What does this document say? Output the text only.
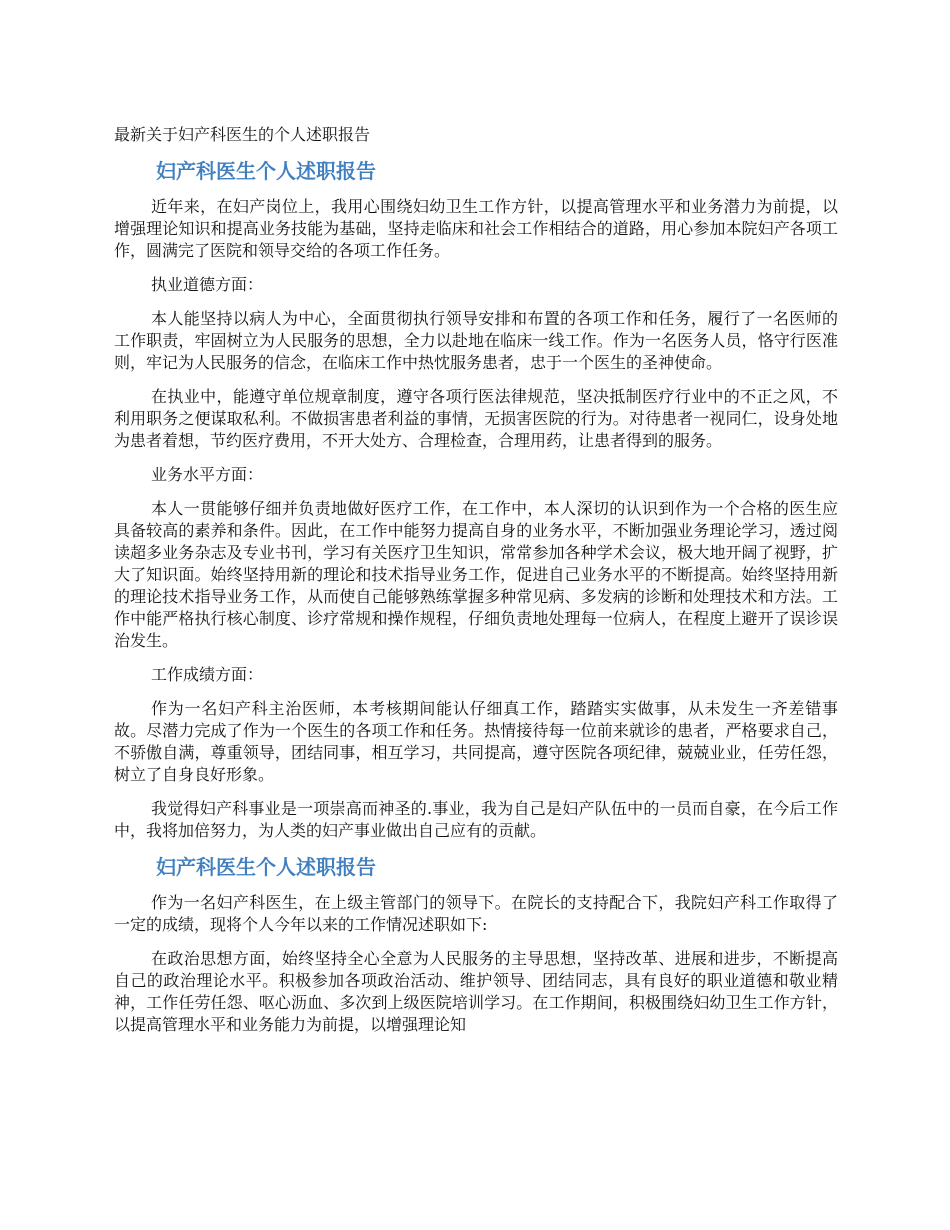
最新关于妇产科医生的个人述职报告
妇产科医生个人述职报告

近年来，在妇产岗位上，我用心围绕妇幼卫生工作方针，以提高管理水平和业务潜力为前提，以增强理论知识和提高业务技能为基础，坚持走临床和社会工作相结合的道路，用心参加本院妇产各项工作，圆满完了医院和领导交给的各项工作任务。

执业道德方面：

本人能坚持以病人为中心，全面贯彻执行领导安排和布置的各项工作和任务，履行了一名医师的工作职责，牢固树立为人民服务的思想，全力以赴地在临床一线工作。作为一名医务人员，恪守行医准则，牢记为人民服务的信念，在临床工作中热忱服务患者，忠于一个医生的圣神使命。

在执业中，能遵守单位规章制度，遵守各项行医法律规范，坚决抵制医疗行业中的不正之风，不利用职务之便谋取私利。不做损害患者利益的事情，无损害医院的行为。对待患者一视同仁，设身处地为患者着想，节约医疗费用，不开大处方、合理检查，合理用药，让患者得到的服务。

业务水平方面：

本人一贯能够仔细并负责地做好医疗工作，在工作中，本人深切的认识到作为一个合格的医生应具备较高的素养和条件。因此，在工作中能努力提高自身的业务水平，不断加强业务理论学习，透过阅读超多业务杂志及专业书刊，学习有关医疗卫生知识，常常参加各种学术会议，极大地开阔了视野，扩大了知识面。始终坚持用新的理论和技术指导业务工作，促进自己业务水平的不断提高。始终坚持用新的理论技术指导业务工作，从而使自己能够熟练掌握多种常见病、多发病的诊断和处理技术和方法。工作中能严格执行核心制度、诊疗常规和操作规程，仔细负责地处理每一位病人，在程度上避开了误诊误治发生。

工作成绩方面：

作为一名妇产科主治医师，本考核期间能认仔细真工作，踏踏实实做事，从未发生一齐差错事故。尽潜力完成了作为一个医生的各项工作和任务。热情接待每一位前来就诊的患者，严格要求自己，不骄傲自满，尊重领导，团结同事，相互学习，共同提高，遵守医院各项纪律，兢兢业业，任劳任怨，树立了自身良好形象。

我觉得妇产科事业是一项崇高而神圣的.事业，我为自己是妇产队伍中的一员而自豪，在今后工作中，我将加倍努力，为人类的妇产事业做出自己应有的贡献。

妇产科医生个人述职报告

作为一名妇产科医生，在上级主管部门的领导下。在院长的支持配合下，我院妇产科工作取得了一定的成绩，现将个人今年以来的工作情况述职如下:

在政治思想方面，始终坚持全心全意为人民服务的主导思想，坚持改革、进展和进步，不断提高自己的政治理论水平。积极参加各项政治活动、维护领导、团结同志，具有良好的职业道德和敬业精神，工作任劳任怨、呕心沥血、多次到上级医院培训学习。在工作期间，积极围绕妇幼卫生工作方针，以提高管理水平和业务能力为前提，以增强理论知
